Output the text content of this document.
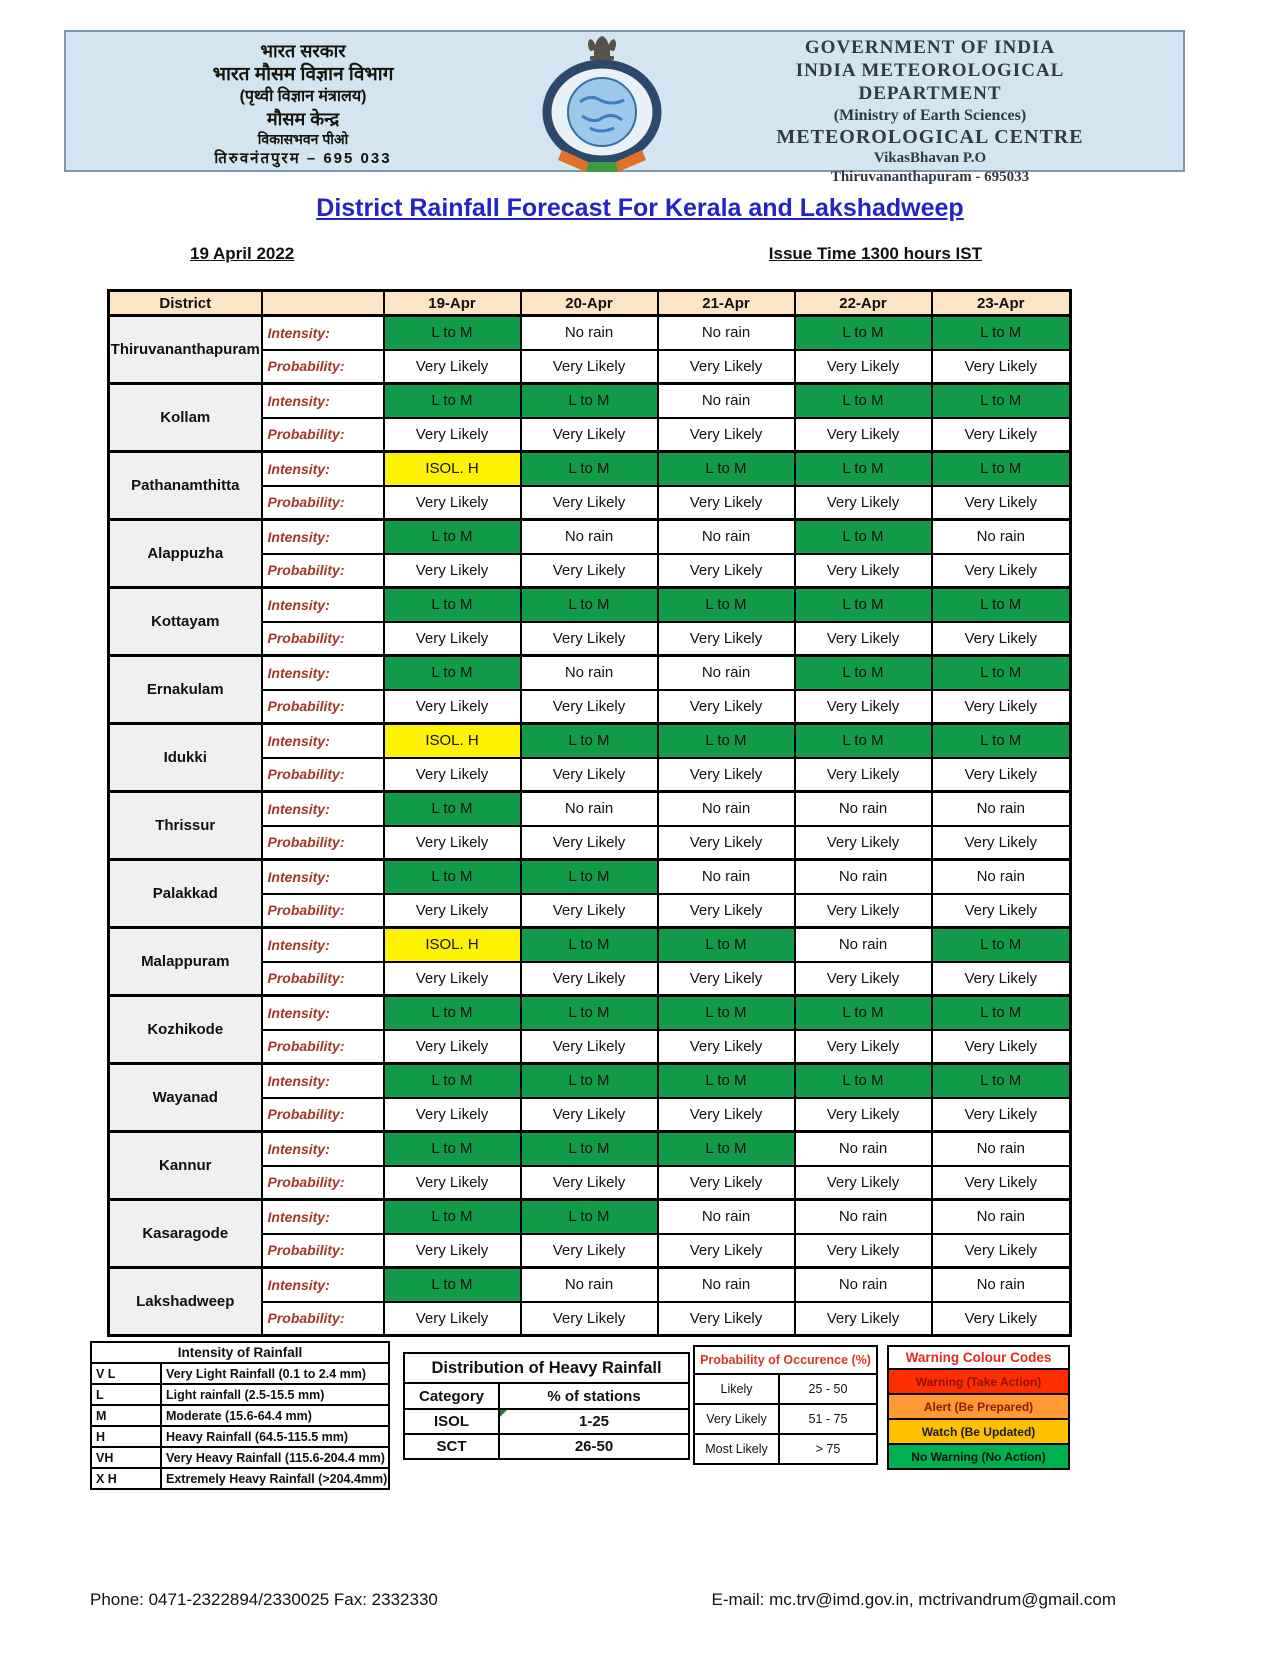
भारत सरकार
भारत मौसम विज्ञान विभाग
(पृथ्वी विज्ञान मंत्रालय)
मौसम केन्द्र
विकासभवन पीओ
तिरुवनंतपुरम – 695 033
GOVERNMENT OF INDIA
INDIA METEOROLOGICAL
DEPARTMENT
(Ministry of Earth Sciences)
METEOROLOGICAL CENTRE
VikasBhavan P.O
Thiruvananthapuram - 695033
District Rainfall Forecast For Kerala and Lakshadweep
19 April 2022	Issue Time 1300 hours IST
District		19-Apr	20-Apr	21-Apr	22-Apr	23-Apr
Thiruvananthapuram	Intensity:	L to M	No rain	No rain	L to M	L to M
	Probability:	Very Likely	Very Likely	Very Likely	Very Likely	Very Likely
Kollam	Intensity:	L to M	L to M	No rain	L to M	L to M
	Probability:	Very Likely	Very Likely	Very Likely	Very Likely	Very Likely
Pathanamthitta	Intensity:	ISOL. H	L to M	L to M	L to M	L to M
	Probability:	Very Likely	Very Likely	Very Likely	Very Likely	Very Likely
Alappuzha	Intensity:	L to M	No rain	No rain	L to M	No rain
	Probability:	Very Likely	Very Likely	Very Likely	Very Likely	Very Likely
Kottayam	Intensity:	L to M	L to M	L to M	L to M	L to M
	Probability:	Very Likely	Very Likely	Very Likely	Very Likely	Very Likely
Ernakulam	Intensity:	L to M	No rain	No rain	L to M	L to M
	Probability:	Very Likely	Very Likely	Very Likely	Very Likely	Very Likely
Idukki	Intensity:	ISOL. H	L to M	L to M	L to M	L to M
	Probability:	Very Likely	Very Likely	Very Likely	Very Likely	Very Likely
Thrissur	Intensity:	L to M	No rain	No rain	No rain	No rain
	Probability:	Very Likely	Very Likely	Very Likely	Very Likely	Very Likely
Palakkad	Intensity:	L to M	L to M	No rain	No rain	No rain
	Probability:	Very Likely	Very Likely	Very Likely	Very Likely	Very Likely
Malappuram	Intensity:	ISOL. H	L to M	L to M	No rain	L to M
	Probability:	Very Likely	Very Likely	Very Likely	Very Likely	Very Likely
Kozhikode	Intensity:	L to M	L to M	L to M	L to M	L to M
	Probability:	Very Likely	Very Likely	Very Likely	Very Likely	Very Likely
Wayanad	Intensity:	L to M	L to M	L to M	L to M	L to M
	Probability:	Very Likely	Very Likely	Very Likely	Very Likely	Very Likely
Kannur	Intensity:	L to M	L to M	L to M	No rain	No rain
	Probability:	Very Likely	Very Likely	Very Likely	Very Likely	Very Likely
Kasaragode	Intensity:	L to M	L to M	No rain	No rain	No rain
	Probability:	Very Likely	Very Likely	Very Likely	Very Likely	Very Likely
Lakshadweep	Intensity:	L to M	No rain	No rain	No rain	No rain
	Probability:	Very Likely	Very Likely	Very Likely	Very Likely	Very Likely
Intensity of Rainfall	
V L	Very Light Rainfall (0.1 to 2.4 mm)
L	Light rainfall (2.5-15.5 mm)
M	Moderate (15.6-64.4 mm)
H	Heavy Rainfall (64.5-115.5 mm)
VH	Very Heavy Rainfall (115.6-204.4 mm)
X H	Extremely Heavy Rainfall (>204.4mm)
Distribution of Heavy Rainfall	
Category	% of stations
ISOL	1-25

SCT	26-50
Probability of Occurence (%)	
Likely	25 - 50
Very Likely	51 - 75
Most Likely	> 75
Warning Colour Codes
Warning (Take Action)
Alert (Be Prepared)
Watch (Be Updated)
No Warning (No Action)
Phone: 0471-2322894/2330025 Fax: 2332330	E-mail: mc.trv@imd.gov.in, mctrivandrum@gmail.com
